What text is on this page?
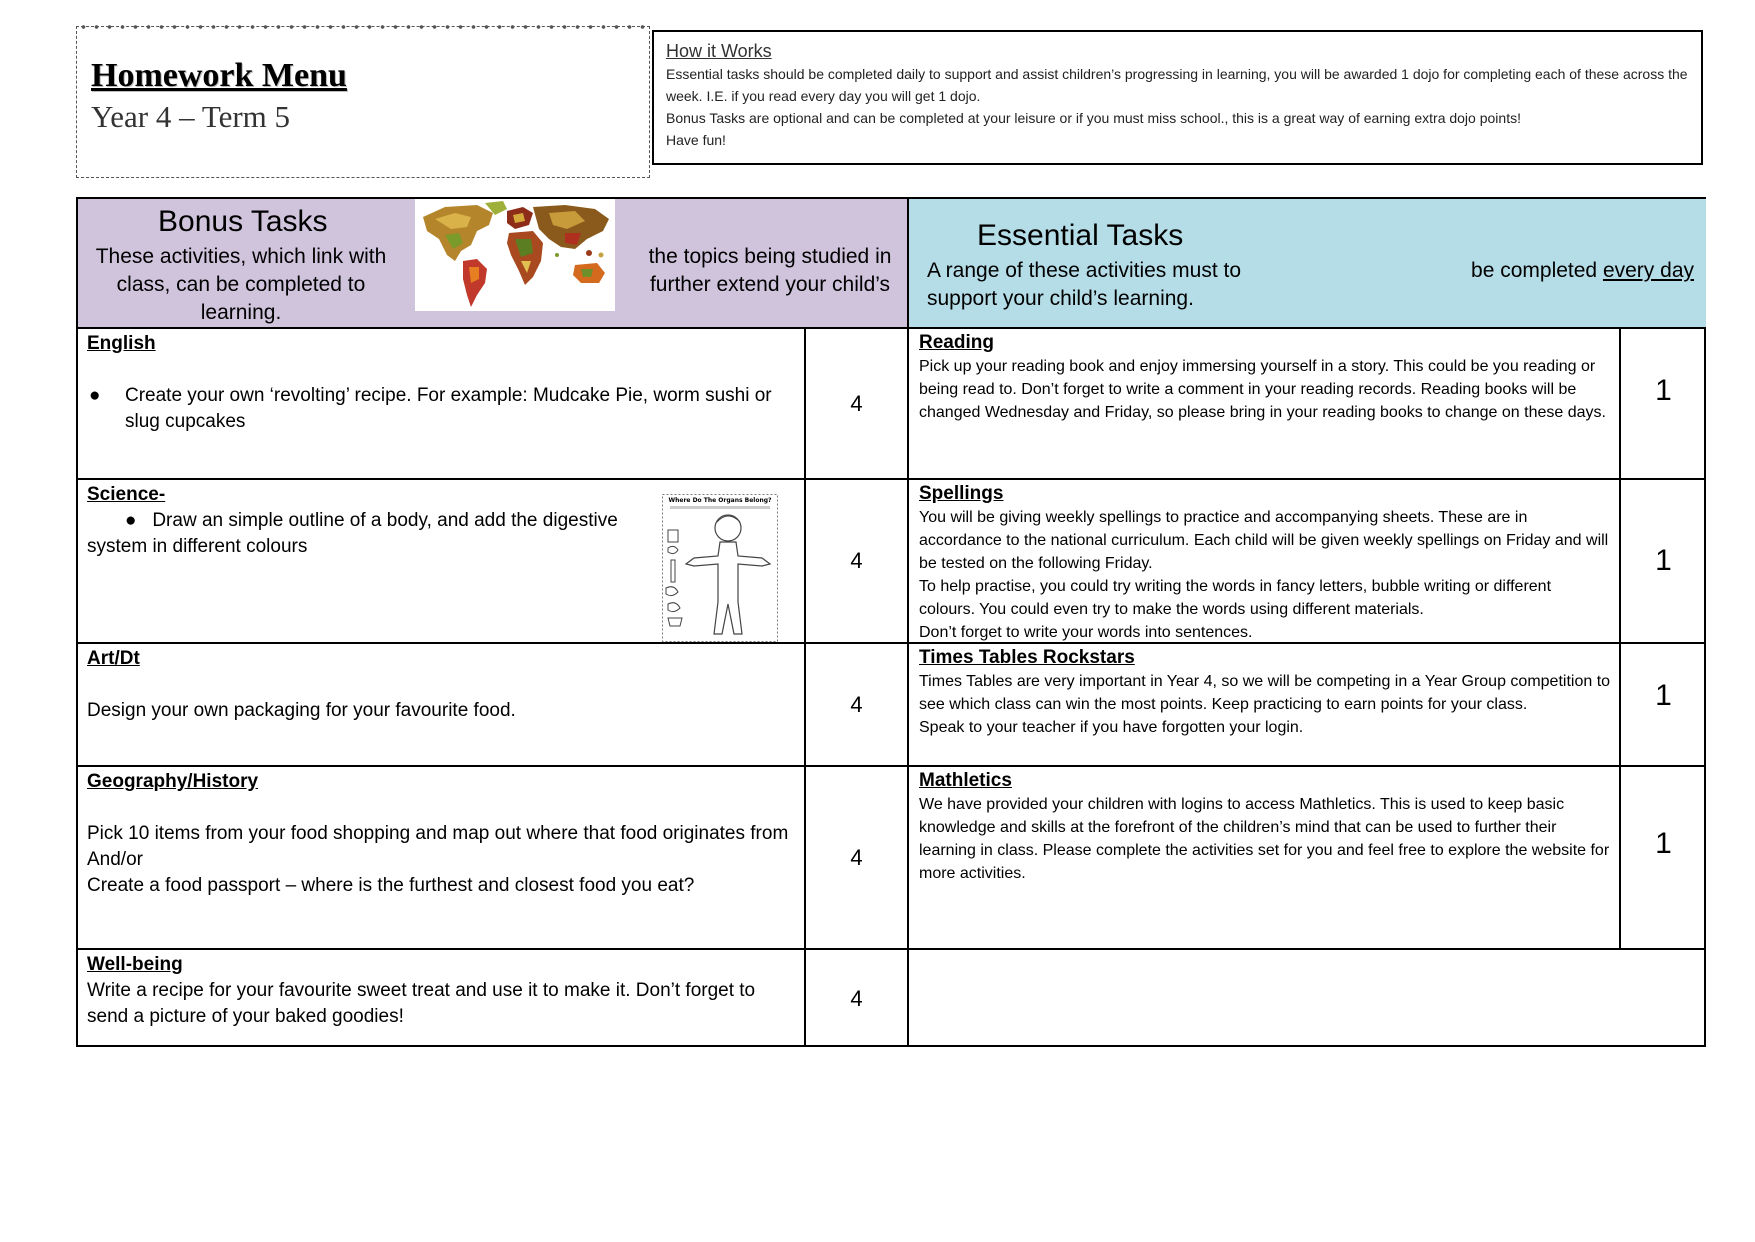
Homework Menu
Year 4 – Term 5
How it Works

Essential tasks should be completed daily to support and assist children’s progressing in learning, you will be awarded 1 dojo for completing each of these across the week. I.E. if you read every day you will get 1 dojo.

Bonus Tasks are optional and can be completed at your leisure or if you must miss school., this is a great way of earning extra dojo points!

Have fun!

Bonus Tasks
These activities, which link with class, can be completed to learning.
the topics being studied in further extend your child’s
Essential Tasks
A range of these activities must to support your child’s learning.
be completed every day
English
● Create your own ‘revolting’ recipe. For example: Mudcake Pie, worm sushi or slug cupcakes
4
Science-
● Draw an simple outline of a body, and add the digestive system in different colours
Where Do The Organs Belong?
4
Art/Dt
Design your own packaging for your favourite food.	4
Geography/History
Pick 10 items from your food shopping and map out where that food originates from
And/or
Create a food passport – where is the furthest and closest food you eat?
4
Well-being
Write a recipe for your favourite sweet treat and use it to make it. Don’t forget to send a picture of your baked goodies!
4
Reading
Pick up your reading book and enjoy immersing yourself in a story. This could be you reading or being read to. Don’t forget to write a comment in your reading records. Reading books will be changed Wednesday and Friday, so please bring in your reading books to change on these days.
1
Spellings
You will be giving weekly spellings to practice and accompanying sheets. These are in accordance to the national curriculum. Each child will be given weekly spellings on Friday and will be tested on the following Friday.
To help practise, you could try writing the words in fancy letters, bubble writing or different colours. You could even try to make the words using different materials.
Don’t forget to write your words into sentences.
1
Times Tables Rockstars
Times Tables are very important in Year 4, so we will be competing in a Year Group competition to see which class can win the most points. Keep practicing to earn points for your class.
Speak to your teacher if you have forgotten your login.
1
Mathletics
We have provided your children with logins to access Mathletics. This is used to keep basic knowledge and skills at the forefront of the children’s mind that can be used to further their learning in class. Please complete the activities set for you and feel free to explore the website for more activities.
1
